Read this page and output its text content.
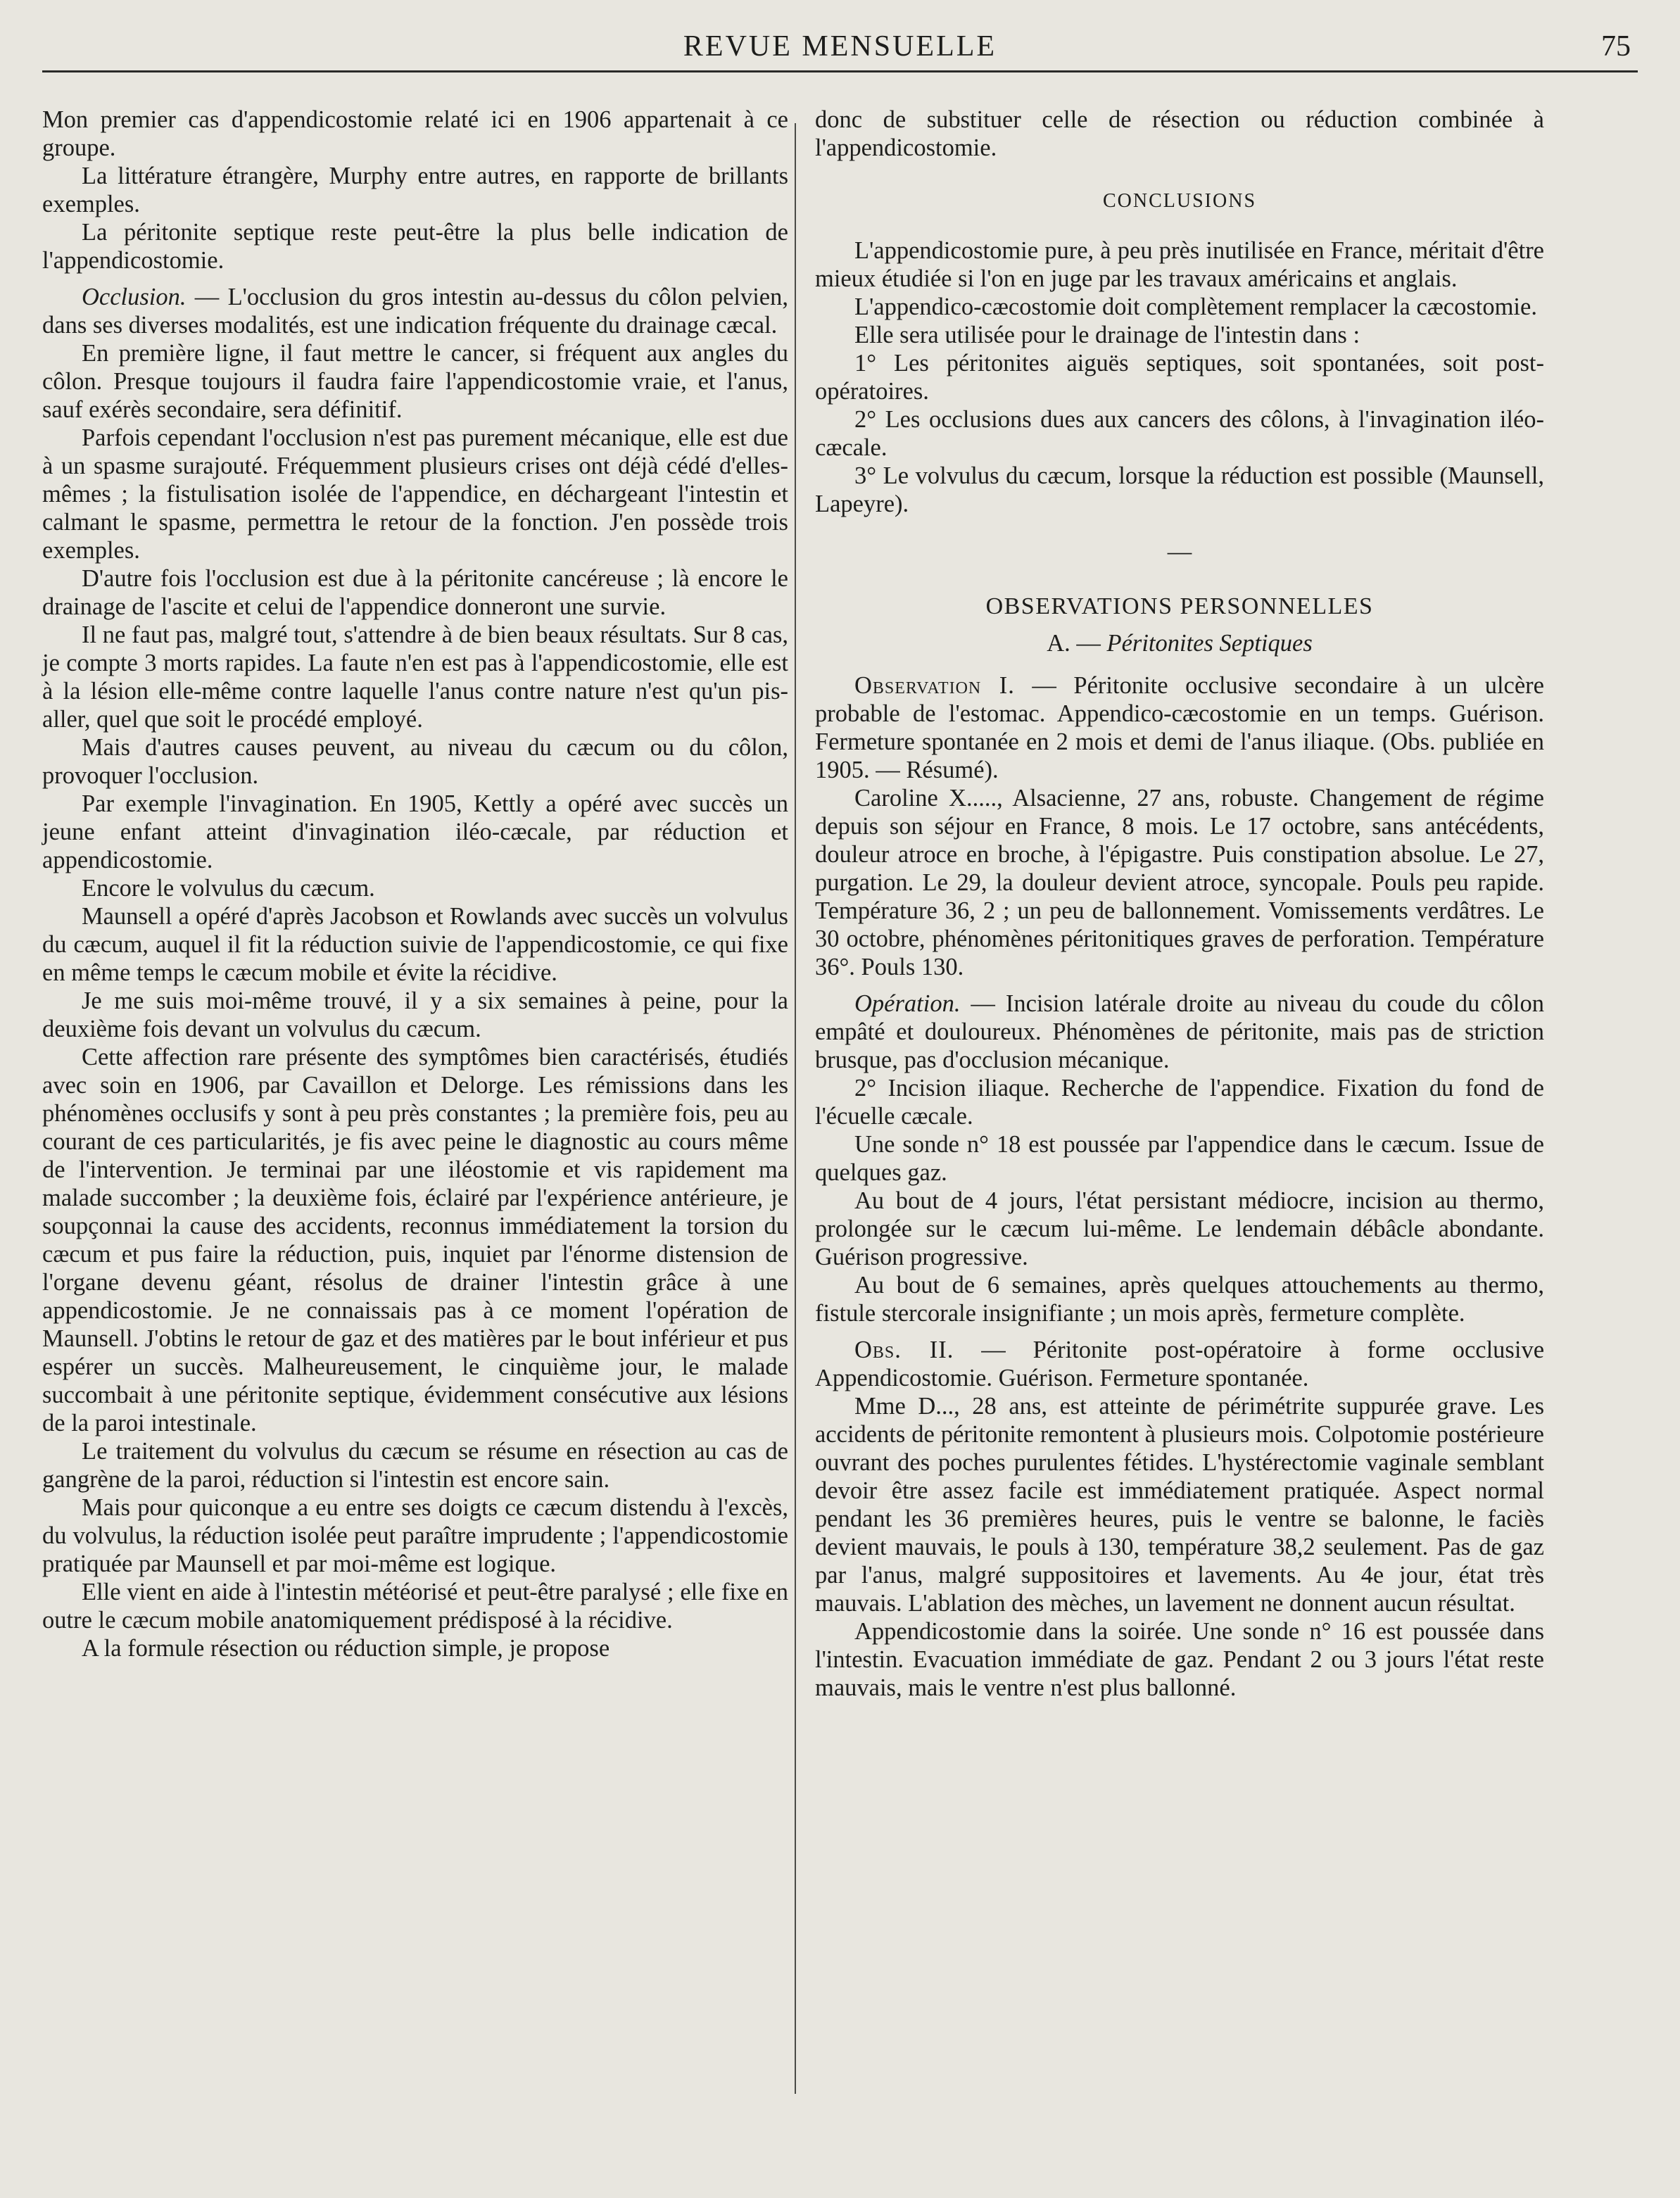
REVUE MENSUELLE	75

Mon premier cas d'appendicostomie relaté ici en 1906 appartenait à ce groupe.

La littérature étrangère, Murphy entre autres, en rapporte de brillants exemples.

La péritonite septique reste peut-être la plus belle indication de l'appendicostomie.

Occlusion. — L'occlusion du gros intestin au-dessus du côlon pelvien, dans ses diverses modalités, est une indication fréquente du drainage cæcal.

En première ligne, il faut mettre le cancer, si fréquent aux angles du côlon. Presque toujours il faudra faire l'appendicostomie vraie, et l'anus, sauf exérès secondaire, sera définitif.

Parfois cependant l'occlusion n'est pas purement mécanique, elle est due à un spasme surajouté. Fréquemment plusieurs crises ont déjà cédé d'elles-mêmes ; la fistulisation isolée de l'appendice, en déchargeant l'intestin et calmant le spasme, permettra le retour de la fonction. J'en possède trois exemples.

D'autre fois l'occlusion est due à la péritonite cancéreuse ; là encore le drainage de l'ascite et celui de l'appendice donneront une survie.

Il ne faut pas, malgré tout, s'attendre à de bien beaux résultats. Sur 8 cas, je compte 3 morts rapides. La faute n'en est pas à l'appendicostomie, elle est à la lésion elle-même contre laquelle l'anus contre nature n'est qu'un pis-aller, quel que soit le procédé employé.

Mais d'autres causes peuvent, au niveau du cæcum ou du côlon, provoquer l'occlusion.

Par exemple l'invagination. En 1905, Kettly a opéré avec succès un jeune enfant atteint d'invagination iléo-cæcale, par réduction et appendicostomie.

Encore le volvulus du cæcum.

Maunsell a opéré d'après Jacobson et Rowlands avec succès un volvulus du cæcum, auquel il fit la réduction suivie de l'appendicostomie, ce qui fixe en même temps le cæcum mobile et évite la récidive.

Je me suis moi-même trouvé, il y a six semaines à peine, pour la deuxième fois devant un volvulus du cæcum.

Cette affection rare présente des symptômes bien caractérisés, étudiés avec soin en 1906, par Cavaillon et Delorge. Les rémissions dans les phénomènes occlusifs y sont à peu près constantes ; la première fois, peu au courant de ces particularités, je fis avec peine le diagnostic au cours même de l'intervention. Je terminai par une iléostomie et vis rapidement ma malade succomber ; la deuxième fois, éclairé par l'expérience antérieure, je soupçonnai la cause des accidents, reconnus immédiatement la torsion du cæcum et pus faire la réduction, puis, inquiet par l'énorme distension de l'organe devenu géant, résolus de drainer l'intestin grâce à une appendicostomie. Je ne connaissais pas à ce moment l'opération de Maunsell. J'obtins le retour de gaz et des matières par le bout inférieur et pus espérer un succès. Malheureusement, le cinquième jour, le malade succombait à une péritonite septique, évidemment consécutive aux lésions de la paroi intestinale.

Le traitement du volvulus du cæcum se résume en résection au cas de gangrène de la paroi, réduction si l'intestin est encore sain.

Mais pour quiconque a eu entre ses doigts ce cæcum distendu à l'excès, du volvulus, la réduction isolée peut paraître imprudente ; l'appendicostomie pratiquée par Maunsell et par moi-même est logique.

Elle vient en aide à l'intestin météorisé et peut-être paralysé ; elle fixe en outre le cæcum mobile anatomiquement prédisposé à la récidive.

A la formule résection ou réduction simple, je propose

donc de substituer celle de résection ou réduction combinée à l'appendicostomie.

CONCLUSIONS

L'appendicostomie pure, à peu près inutilisée en France, méritait d'être mieux étudiée si l'on en juge par les travaux américains et anglais.

L'appendico-cæcostomie doit complètement remplacer la cæcostomie.

Elle sera utilisée pour le drainage de l'intestin dans :

1° Les péritonites aiguës septiques, soit spontanées, soit post-opératoires.

2° Les occlusions dues aux cancers des côlons, à l'invagination iléo-cæcale.

3° Le volvulus du cæcum, lorsque la réduction est possible (Maunsell, Lapeyre).

—

OBSERVATIONS PERSONNELLES

A. — Péritonites Septiques

Observation I. — Péritonite occlusive secondaire à un ulcère probable de l'estomac. Appendico-cæcostomie en un temps. Guérison. Fermeture spontanée en 2 mois et demi de l'anus iliaque. (Obs. publiée en 1905. — Résumé).

Caroline X....., Alsacienne, 27 ans, robuste. Changement de régime depuis son séjour en France, 8 mois. Le 17 octobre, sans antécédents, douleur atroce en broche, à l'épigastre. Puis constipation absolue. Le 27, purgation. Le 29, la douleur devient atroce, syncopale. Pouls peu rapide. Température 36, 2 ; un peu de ballonnement. Vomissements verdâtres. Le 30 octobre, phénomènes péritonitiques graves de perforation. Température 36°. Pouls 130.

Opération. — Incision latérale droite au niveau du coude du côlon empâté et douloureux. Phénomènes de péritonite, mais pas de striction brusque, pas d'occlusion mécanique.

2° Incision iliaque. Recherche de l'appendice. Fixation du fond de l'écuelle cæcale.

Une sonde n° 18 est poussée par l'appendice dans le cæcum. Issue de quelques gaz.

Au bout de 4 jours, l'état persistant médiocre, incision au thermo, prolongée sur le cæcum lui-même. Le lendemain débâcle abondante. Guérison progressive.

Au bout de 6 semaines, après quelques attouchements au thermo, fistule stercorale insignifiante ; un mois après, fermeture complète.

Obs. II. — Péritonite post-opératoire à forme occlusive Appendicostomie. Guérison. Fermeture spontanée.

Mme D..., 28 ans, est atteinte de périmétrite suppurée grave. Les accidents de péritonite remontent à plusieurs mois. Colpotomie postérieure ouvrant des poches purulentes fétides. L'hystérectomie vaginale semblant devoir être assez facile est immédiatement pratiquée. Aspect normal pendant les 36 premières heures, puis le ventre se balonne, le faciès devient mauvais, le pouls à 130, température 38,2 seulement. Pas de gaz par l'anus, malgré suppositoires et lavements. Au 4e jour, état très mauvais. L'ablation des mèches, un lavement ne donnent aucun résultat.

Appendicostomie dans la soirée. Une sonde n° 16 est poussée dans l'intestin. Evacuation immédiate de gaz. Pendant 2 ou 3 jours l'état reste mauvais, mais le ventre n'est plus ballonné.
